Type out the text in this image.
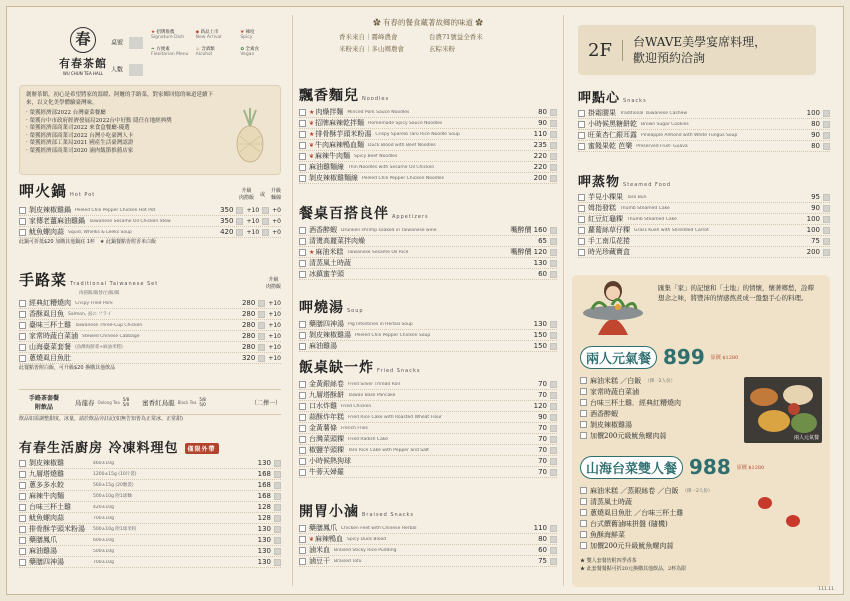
春
有春茶館
WU CHUN TEA HALL
桌號
人數
★ 招牌推薦
Signature Dish
◆ 新品上市
New Arrival
❦ 辣度
Spicy
❧ 方便素
Flexitarian Menu
♨ 含酒類
Alcohol
✿ 全素食
Vegan
創辦茶館，初心是希望將家的溫暖、阿嬤的手路菜，對家鄉回憶的味道延續下來，以文化美學體驗臺灣味。
· 榮獲經濟部2022 台灣臺菜餐廳
· 榮獲台中市政府經濟發展局2022台中好點 隱任在地經典獎
· 榮獲經濟部商業司2022 來食盒餐廳-優選
· 榮獲經濟部商業司2022 台灣小吃臺灣人卡
· 榮獲經濟部工業局2021 國產生活臺灣認證
· 榮獲經濟部商業司2020 滷肉飯節推薦店家
呷火鍋 Hot Pot
升級
肉撈飯
或
升級
麵線
剝皮辣椒雞鍋 Peeled Chili Pepper Chicken Hot Pot	350 +10 +0
家傳老薑麻油雞鍋 Taiwanese Sesame Oil Chicken Stew	350 +10 +0
魷魚螺肉蒜 Squid, Whelks & Leeks Soup	420 +10 +0
此鍋可折抵$20 加購其他鍋底 1杯　★ 此鍋餐點皆附香米白飯
手路菜 Traditional Taiwanese Set
升級
肉撈飯
肉撈飯/飯替/白飯/飯
經典紅糟燒肉 Crispy Fried Pork	280 +10
香酥虱目魚 Salmon, 虱の フライ	280 +10
臺味三杯土雞 Taiwanese Three-Cup Chicken	280 +10
家常時蔬白菜滷 Stewed Chinese Cabbage	280 +10
山海臺菜套餐 (魚酥海鮮菜+麻油米糕)	280 +10
蔥燒虱目魚肚	320 +10
此餐點皆附白飯，可升級$20 換購其他飲品
手路茶套餐
附飲品
烏龍春 Oolong Tea 5/8
5/0 蜜香紅烏龍 Black Tea 5/8
5/0	（二擇一）
飲品如需調整甜度、冰量，請於飲品旁註記(如無告知皆為正常冰、正常甜)
有春生活廚房 冷凍料理包 僅限外帶
剝皮辣椒雞	460±10g	130
九層塔燒雞	1200±15g (10片裝)	168
蔥多多水餃	560±15g (20顆裝)	168
麻辣牛肉麵	500±10g 附1球麵	168
台味三杯土雞	420±10g	128
魷魚螺肉蒜	700±10g	128
排骨酥芋頭米粉湯	500±10g 附1球米粉	130
藥膳鳳爪	600±10g	130
麻油雞湯	500±10g	130
藥膳四神湯	700±10g	130
✿ 有春的餐食藏著故鄉的味道 ✿
香米來自｜霧峰農會	台農71號益全香米
米粉來自｜多山鄉農會	玄粽米粉
飄香麵兒 Noodles
★ 肉燥拌麵 Minced Pork Sauce Noodles	80
❦ 招牌麻辣乾拌麵 Homemade Spicy Sauce Noodles	90
★ 排骨酥芋頭米粉湯 Crispy Spareib Taro Rice Noodle Soup	110
❦ 牛肉麻辣鴨血麵 Duck Blood with Beef Noodles	235
❦ 麻辣牛肉麵 Spicy Beef Noodles	220
麻油雞麵線 Thin Noodles with Sesame Oil Chicken	220
剝皮辣椒雞麵線 Peeled Chili Pepper Chicken Noodles	200
餐桌百搭良伴 Appetizers
酒香醉蝦 Drunken shrimp soaked in Taiwanese wine	嘴醉價 160
清燙高麗菜拌肉燥	65
★ 麻油米糕 Taiwanese Sesame Oil Rice	嘴醉價 120
清蒸風土時蔬	130
冰鎮蜜芋頭	60
呷燒湯 Soup
藥膳四神湯 Pig Intestines in Herbal Soup	130
剝皮辣椒雞湯 Peeled Chili Pepper Chicken Soup	150
麻油雞湯	150
飯桌缺一炸 Fried Snacks
金黃銀絲卷 Fried Silver Thread Roll	70
九層塔酥餅 Taiwan Basil Pancake	70
口水炸雞 Fried Chicken	120
蒜酥炸年糕 Fried Rice Cake with Roasted Wheat Flour	90
金黃薯條 French Fries	70
台灣菜頭粿 Fried Radish Cake	70
椒鹽芋頭粿 Taro Rice Cake with Pepper and Salt	70
小時候熱狗球	70
牛蒡天婦羅	70
開胃小滷 Braised Snacks
藥膳鳳爪 Chicken Feet with Chinese Herbal	110
❦ 麻辣鴨血 Spicy Duck Blood	80
滷米血 Braised Sticky Rice Pudding	60
滷豆干 Braised Tofu	75
2F	台WAVE美學宴席料理，
歡迎預約洽詢
呷點心 Snacks
掛霜腰果 Traditional Taiwanese Cashew	100
小時候黑糖餅乾 Brown Sugar Cookies	80
旺萊杏仁銀耳露 Pineapple Almond with White Fungus Soup	90
蜜餞果乾 芭樂 Preserved Fruit- Guava	80
呷蒸物 Steamed Food
芋見小粿果 Taro Bun	95
姆指發糕 Thumb Steamed Cake	90
紅豆紅龜粿 Thumb Steamed Cake	100
蘿蔔絲草仔粿 Grass Kueh with Shredded Carrot	100
手工南瓜花捲	75
時光珍藏寶盒	200
匯集「家」的記憶和「土地」的情懷，懷著鄉愁，詮釋想念之味，將豐沛的情感熬煮成一盤盤手心的料理。
兩人元氣餐 899 原價 $1280
麻油米糕 ／白飯 （擇一2人份）
家常時蔬白菜滷
台味三杯土雞．經典紅糟燒肉
酒香醉蝦
剝皮辣椒雞湯
加價200元級魷魚螺肉蒜	兩人元氣餐
山海台菜雙人餐 988 原價 $1280
麻油米糕 ／蒸銀絲卷 ／白飯 （擇一2人份）
清蒸風土時蔬
蔥燒虱目魚肚 ／台味三杯土雞
台式饌舊滷味拼盤 (隨機)
魚酥海鮮菜
加價200元升級魷魚螺肉蒜
★ 雙人套餐皆附四季香茶
★ 此套餐餐點可折20元換購其他飲品，2杯為限
111.11
